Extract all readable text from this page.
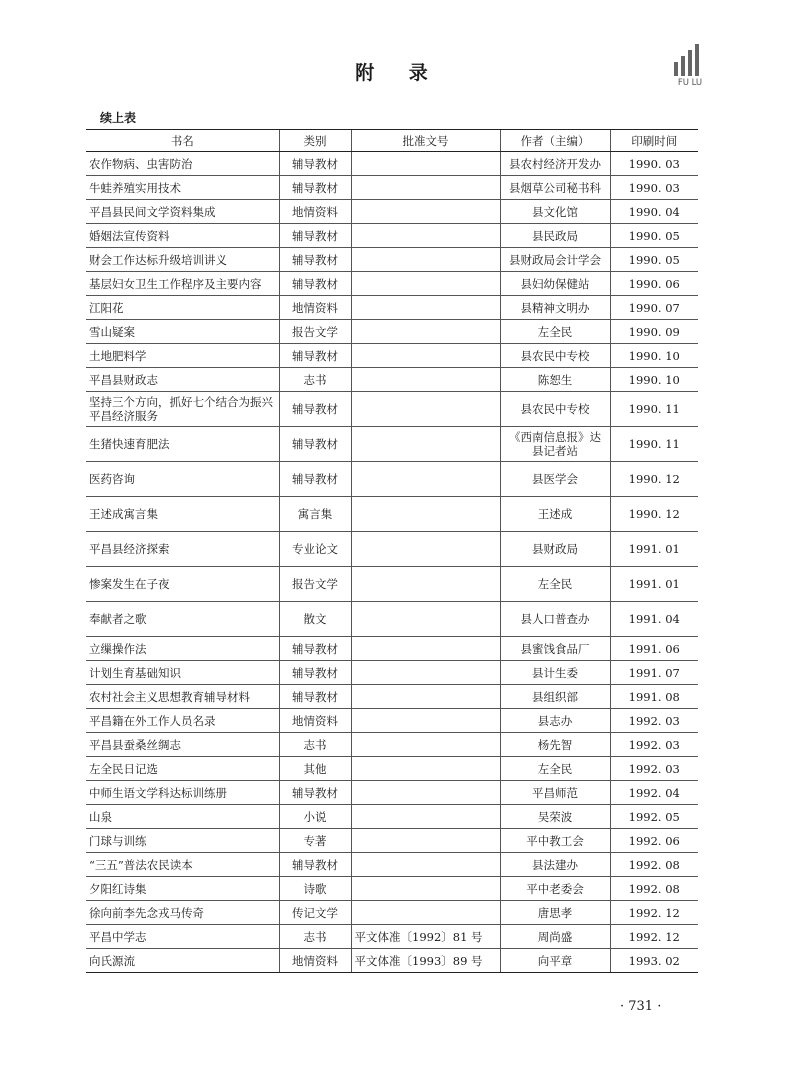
附 录	FU LU
续上表
书名	类别	批准文号	作者（主编）	印刷时间
农作物病、虫害防治	辅导教材		县农村经济开发办	1990. 03
牛蛙养殖实用技术	辅导教材		县烟草公司秘书科	1990. 03
平昌县民间文学资料集成	地情资料		县文化馆	1990. 04
婚姻法宣传资料	辅导教材		县民政局	1990. 05
财会工作达标升级培训讲义	辅导教材		县财政局会计学会	1990. 05
基层妇女卫生工作程序及主要内容	辅导教材		县妇幼保健站	1990. 06
江阳花	地情资料		县精神文明办	1990. 07
雪山疑案	报告文学		左全民	1990. 09
土地肥料学	辅导教材		县农民中专校	1990. 10
平昌县财政志	志书		陈恕生	1990. 10
坚持三个方向，抓好七个结合为振兴平昌经济服务	辅导教材		县农民中专校	1990. 11
生猪快速育肥法	辅导教材		《西南信息报》达县记者站	1990. 11
医药咨询	辅导教材		县医学会	1990. 12
王述成寓言集	寓言集		王述成	1990. 12
平昌县经济探索	专业论文		县财政局	1991. 01
惨案发生在子夜	报告文学		左全民	1991. 01
奉献者之歌	散文		县人口普查办	1991. 04
立缫操作法	辅导教材		县蜜饯食品厂	1991. 06
计划生育基础知识	辅导教材		县计生委	1991. 07
农村社会主义思想教育辅导材料	辅导教材		县组织部	1991. 08
平昌籍在外工作人员名录	地情资料		县志办	1992. 03
平昌县蚕桑丝绸志	志书		杨先智	1992. 03
左全民日记选	其他		左全民	1992. 03
中师生语文学科达标训练册	辅导教材		平昌师范	1992. 04
山泉	小说		吴荣波	1992. 05
门球与训练	专著		平中教工会	1992. 06
“三五”普法农民读本	辅导教材		县法建办	1992. 08
夕阳红诗集	诗歌		平中老委会	1992. 08
徐向前李先念戎马传奇	传记文学		唐思孝	1992. 12
平昌中学志	志书	平文体准〔1992〕81 号	周尚盛	1992. 12
向氏源流	地情资料	平文体准〔1993〕89 号	向平章	1993. 02
· 731 ·
